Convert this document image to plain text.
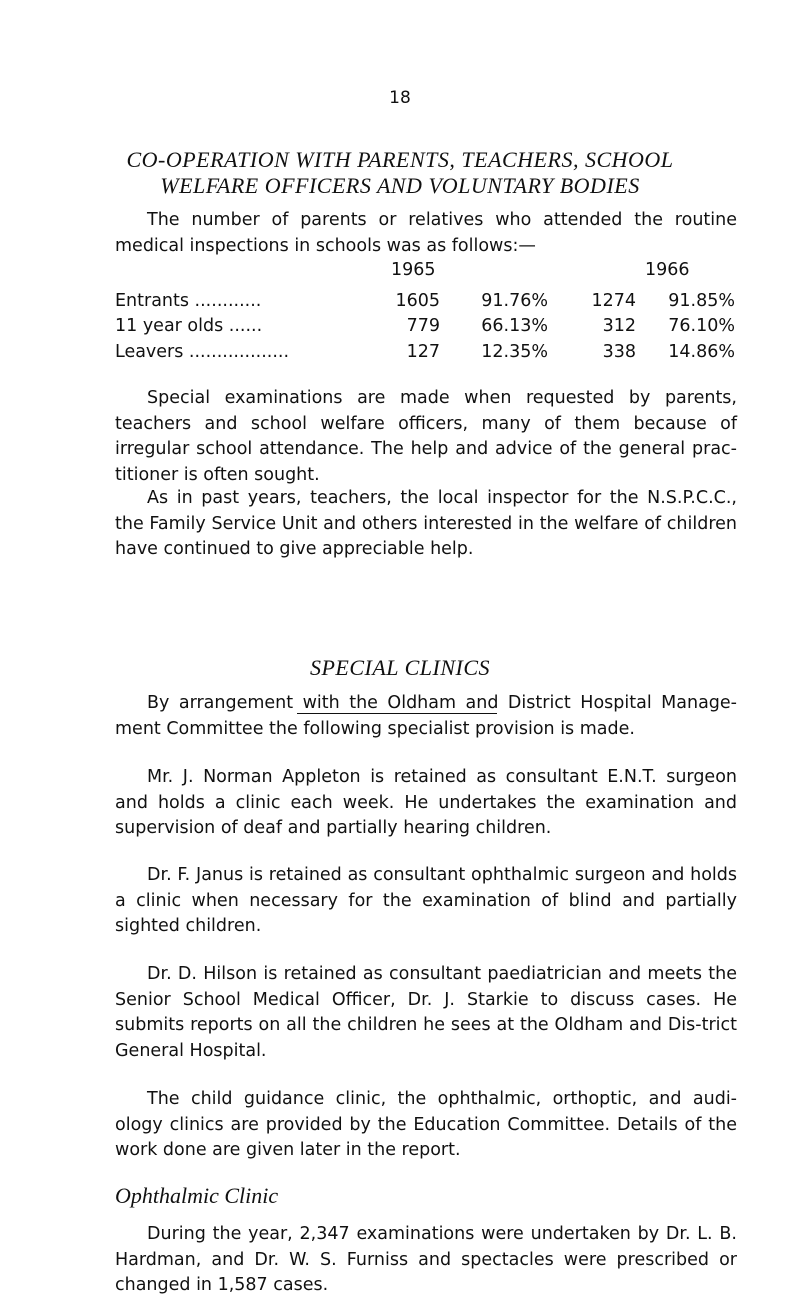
18
CO-OPERATION WITH PARENTS, TEACHERS, SCHOOL
WELFARE OFFICERS AND VOLUNTARY BODIES

The number of parents or relatives who attended the routine medical inspections in schools was as follows:—

1965	1966
Entrants ............	1605	91.76%	1274	91.85%
11 year olds ......	779	66.13%	312	76.10%
Leavers ..................	127	12.35%	338	14.86%

Special examinations are made when requested by parents, teachers and school welfare officers, many of them because of irregular school attendance. The help and advice of the general prac-titioner is often sought.

As in past years, teachers, the local inspector for the N.S.P.C.C., the Family Service Unit and others interested in the welfare of children have continued to give appreciable help.

SPECIAL CLINICS

By arrangement with the Oldham and District Hospital Manage-ment Committee the following specialist provision is made.

Mr. J. Norman Appleton is retained as consultant E.N.T. surgeon and holds a clinic each week. He undertakes the examination and supervision of deaf and partially hearing children.

Dr. F. Janus is retained as consultant ophthalmic surgeon and holds a clinic when necessary for the examination of blind and partially sighted children.

Dr. D. Hilson is retained as consultant paediatrician and meets the Senior School Medical Officer, Dr. J. Starkie to discuss cases. He submits reports on all the children he sees at the Oldham and Dis-trict General Hospital.

The child guidance clinic, the ophthalmic, orthoptic, and audi-ology clinics are provided by the Education Committee. Details of the work done are given later in the report.

Ophthalmic Clinic

During the year, 2,347 examinations were undertaken by Dr. L. B. Hardman, and Dr. W. S. Furniss and spectacles were prescribed or changed in 1,587 cases.
